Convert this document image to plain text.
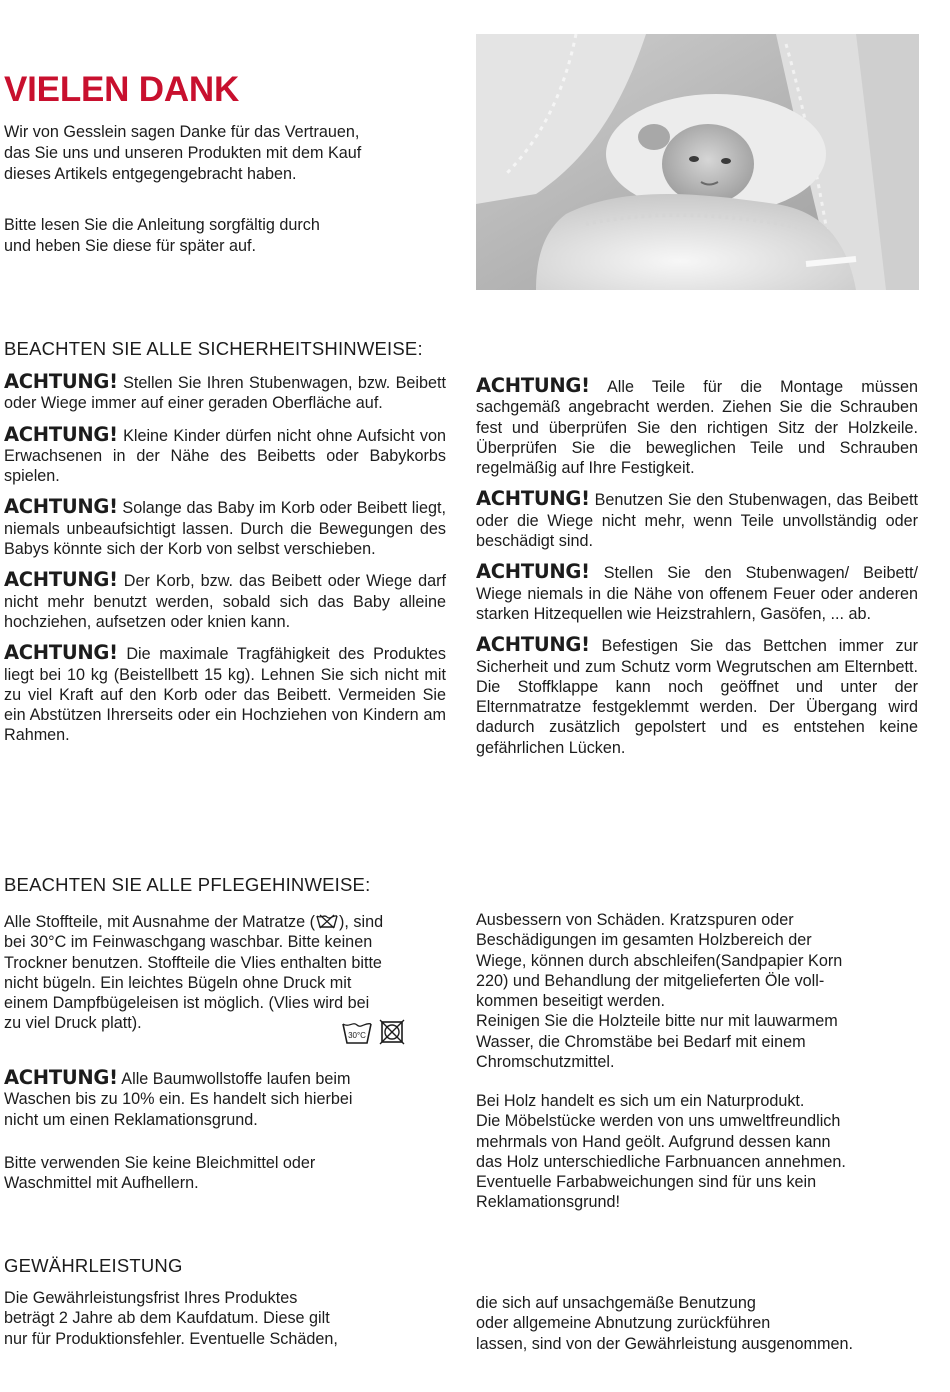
VIELEN DANK
Wir von Gesslein sagen Danke für das Vertrauen,
das Sie uns und unseren Produkten mit dem Kauf
dieses Artikels entgegengebracht haben.
Bitte lesen Sie die Anleitung sorgfältig durch
und heben Sie diese für später auf.
BEACHTEN SIE ALLE SICHERHEITSHINWEISE:

ACHTUNG! Stellen Sie Ihren Stubenwagen, bzw. Beibett oder Wiege immer auf einer geraden Oberfläche auf.

ACHTUNG! Kleine Kinder dürfen nicht ohne Aufsicht von Erwachsenen in der Nähe des Beibetts oder Babykorbs spielen.

ACHTUNG! Solange das Baby im Korb oder Beibett liegt, niemals unbeaufsichtigt lassen. Durch die Bewegungen des Babys könnte sich der Korb von selbst verschieben.

ACHTUNG! Der Korb, bzw. das Beibett oder Wiege darf nicht mehr benutzt werden, sobald sich das Baby alleine hochziehen, aufsetzen oder knien kann.

ACHTUNG! Die maximale Tragfähigkeit des Produktes liegt bei 10 kg (Beistellbett 15 kg). Lehnen Sie sich nicht mit zu viel Kraft auf den Korb oder das Beibett. Vermeiden Sie ein Abstützen Ihrerseits oder ein Hochziehen von Kindern am Rahmen.

ACHTUNG! Alle Teile für die Montage müssen sachgemäß angebracht werden. Ziehen Sie die Schrauben fest und überprüfen Sie den richtigen Sitz der Holzkeile. Überprüfen Sie die beweglichen Teile und Schrauben regelmäßig auf Ihre Festigkeit.

ACHTUNG! Benutzen Sie den Stubenwagen, das Beibett oder die Wiege nicht mehr, wenn Teile unvollständig oder beschädigt sind.

ACHTUNG! Stellen Sie den Stubenwagen/ Beibett/ Wiege niemals in die Nähe von offenem Feuer oder anderen starken Hitzequellen wie Heizstrahlern, Gasöfen, ... ab.

ACHTUNG! Befestigen Sie das Bettchen immer zur Sicherheit und zum Schutz vorm Wegrutschen am Elternbett. Die Stoffklappe kann noch geöffnet und unter der Elternmatratze festgeklemmt werden. Der Übergang wird dadurch zusätzlich gepolstert und es entstehen keine gefährlichen Lücken.

BEACHTEN SIE ALLE PFLEGEHINWEISE:
Alle Stoffteile, mit Ausnahme der Matratze ( ), sind
bei 30°C im Feinwaschgang waschbar. Bitte keinen
Trockner benutzen. Stoffteile die Vlies enthalten bitte
nicht bügeln. Ein leichtes Bügeln ohne Druck mit
einem Dampfbügeleisen ist möglich. (Vlies wird bei
zu viel Druck platt).
30°C
ACHTUNG! Alle Baumwollstoffe laufen beim
Waschen bis zu 10% ein. Es handelt sich hierbei
nicht um einen Reklamationsgrund.
Bitte verwenden Sie keine Bleichmittel oder
Waschmittel mit Aufhellern.
Ausbessern von Schäden. Kratzspuren oder
Beschädigungen im gesamten Holzbereich der
Wiege, können durch abschleifen(Sandpapier Korn
220) und Behandlung der mitgelieferten Öle voll-
kommen beseitigt werden.
Reinigen Sie die Holzteile bitte nur mit lauwarmem
Wasser, die Chromstäbe bei Bedarf mit einem
Chromschutzmittel.
Bei Holz handelt es sich um ein Naturprodukt.
Die Möbelstücke werden von uns umweltfreundlich
mehrmals von Hand geölt. Aufgrund dessen kann
das Holz unterschiedliche Farbnuancen annehmen.
Eventuelle Farbabweichungen sind für uns kein
Reklamationsgrund!
GEWÄHRLEISTUNG
Die Gewährleistungsfrist Ihres Produktes
beträgt 2 Jahre ab dem Kaufdatum. Diese gilt
nur für Produktionsfehler. Eventuelle Schäden,
die sich auf unsachgemäße Benutzung
oder allgemeine Abnutzung zurückführen
lassen, sind von der Gewährleistung ausgenommen.
